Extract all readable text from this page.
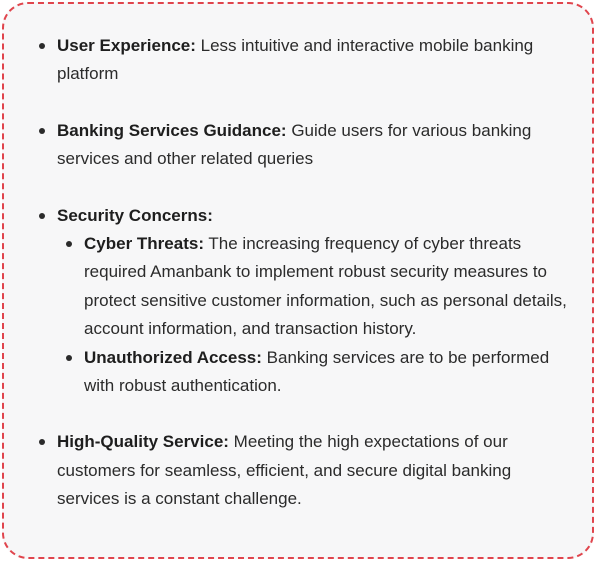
User Experience: Less intuitive and interactive mobile banking platform
Banking Services Guidance: Guide users for various banking services and other related queries
Security Concerns:
Cyber Threats: The increasing frequency of cyber threats required Amanbank to implement robust security measures to protect sensitive customer information, such as personal details, account information, and transaction history.
Unauthorized Access: Banking services are to be performed with robust authentication.
High-Quality Service: Meeting the high expectations of our customers for seamless, efficient, and secure digital banking services is a constant challenge.
